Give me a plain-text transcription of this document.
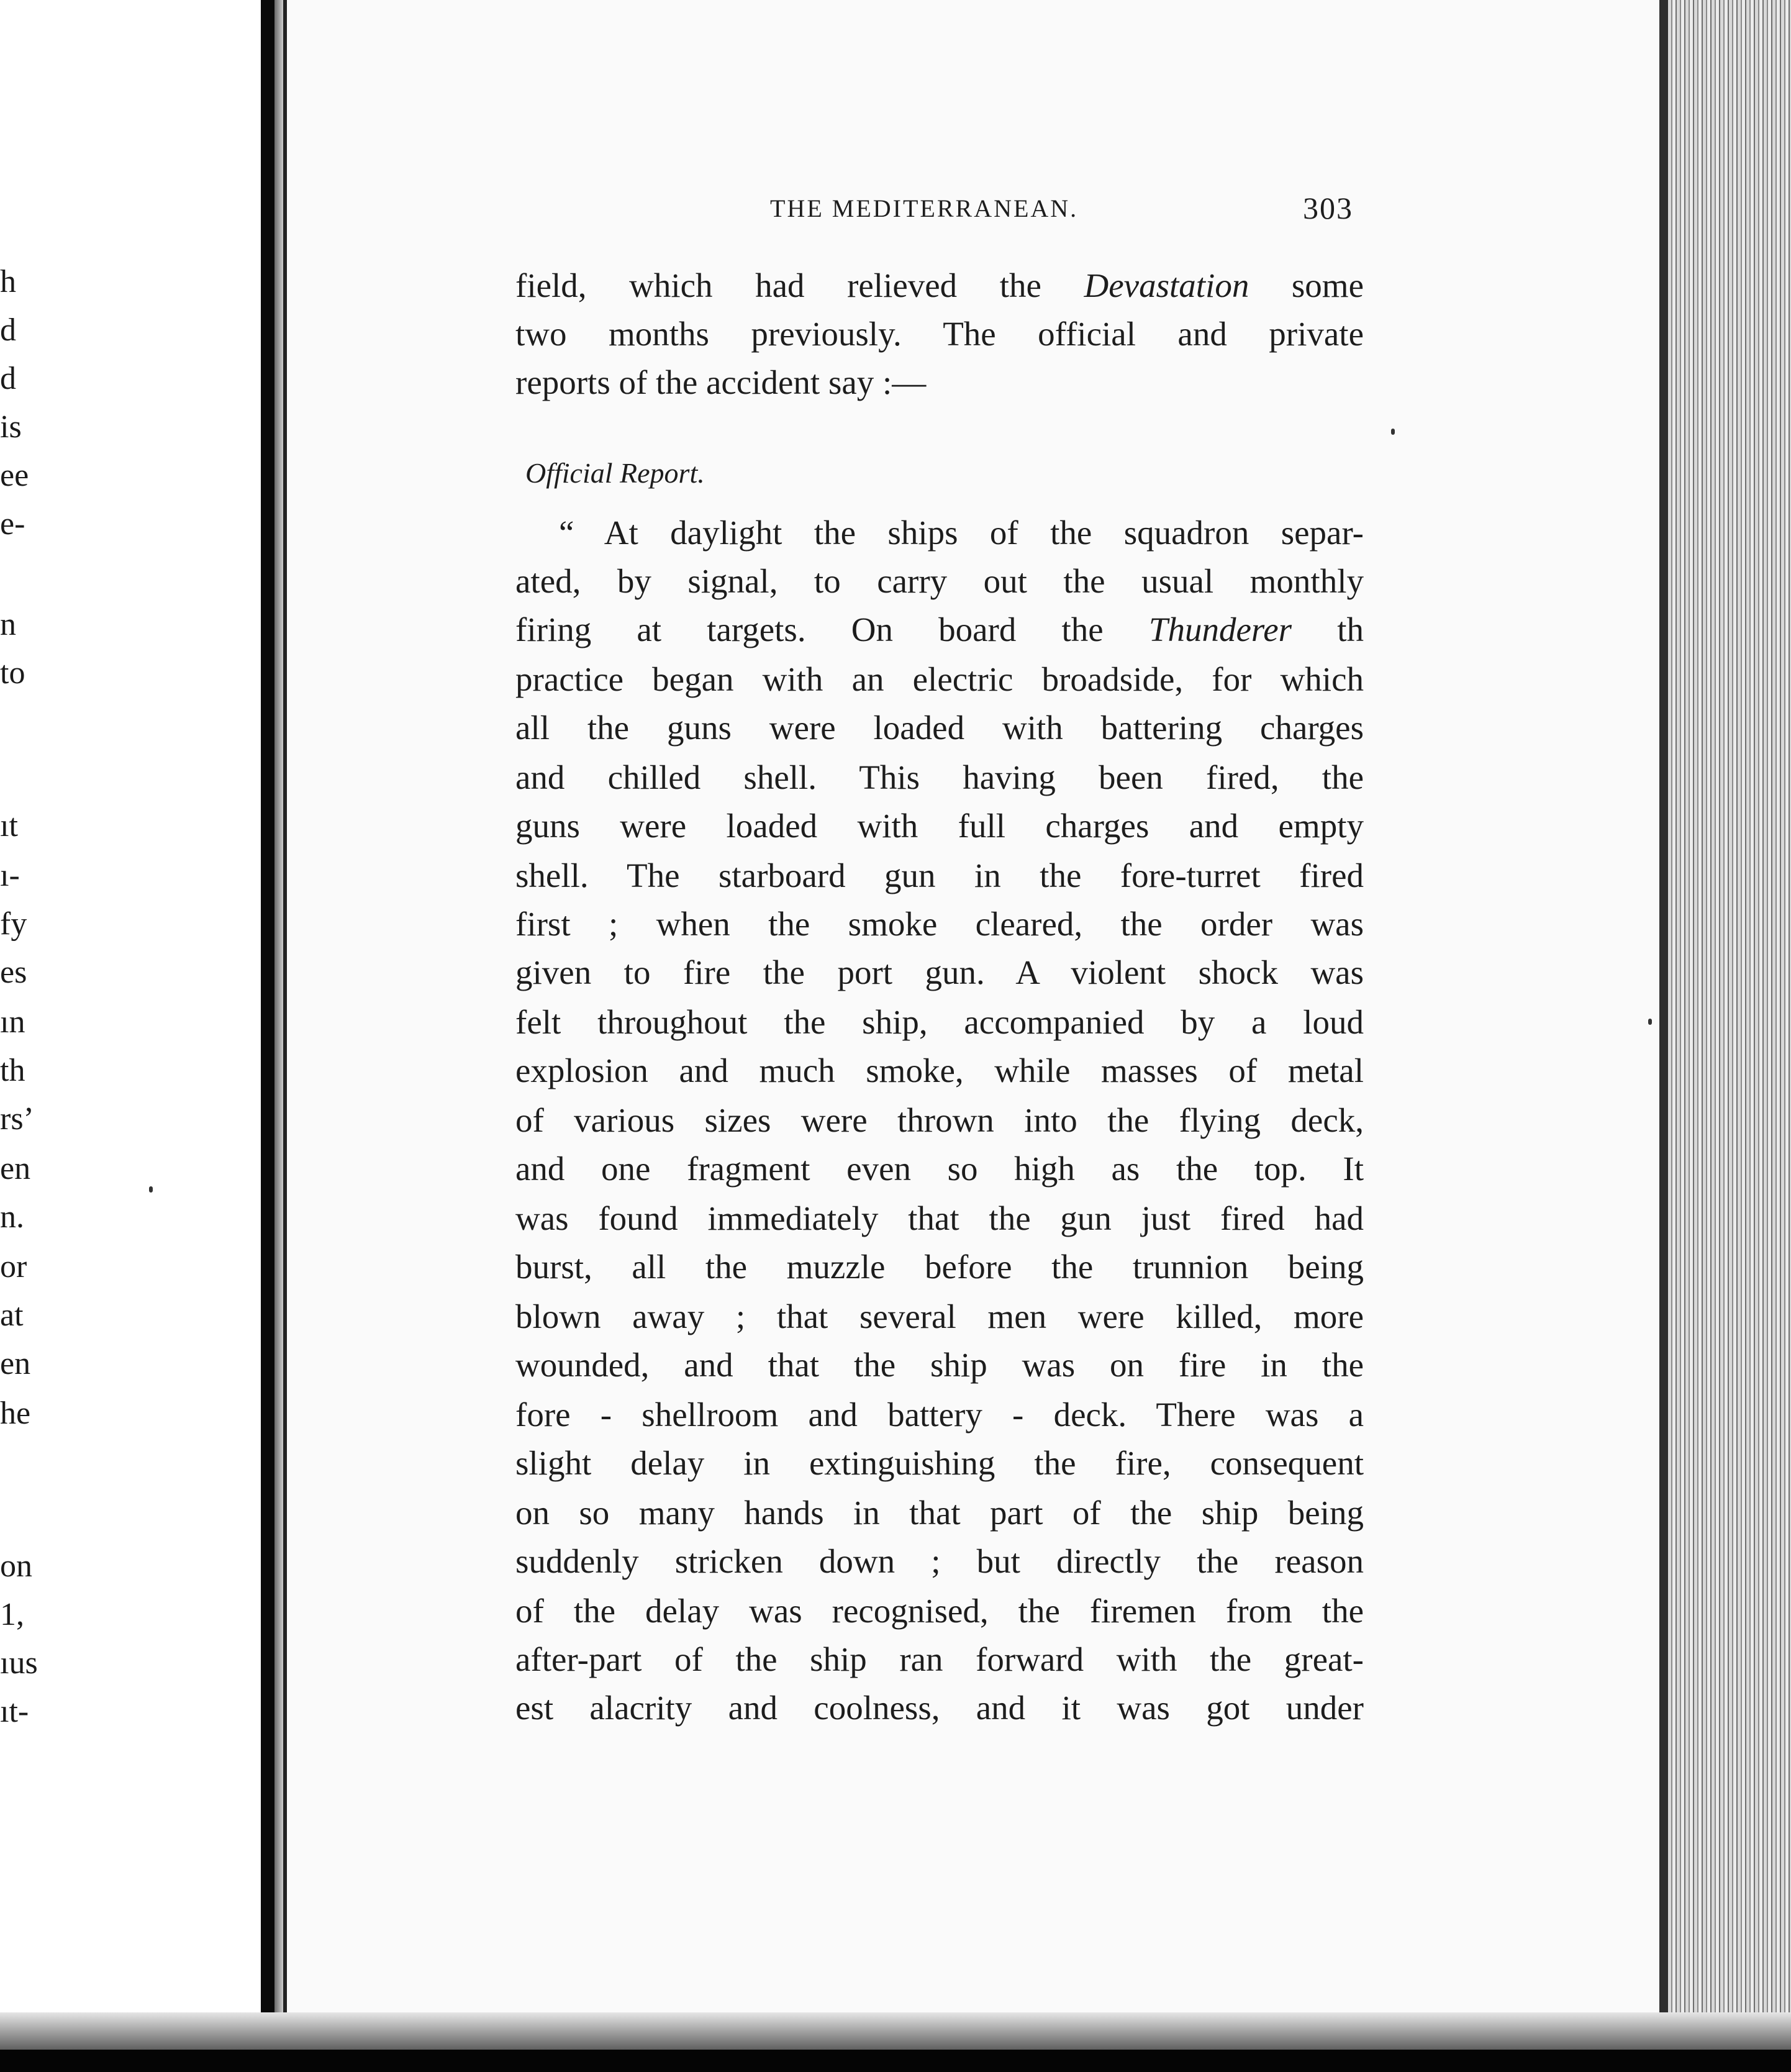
h
d
d
is
ee
e-
n
to
ıt
ı-
fy
es
ın
th
rs’
en
n.
or
at
en
he
on
1,
ıus
ıt-
THE MEDITERRANEAN.	303
field, which had relieved the Devastation some
two months previously. The official and private
reports of the accident say :—
Official Report.
“ At daylight the ships of the squadron separ-
ated, by signal, to carry out the usual monthly
firing at targets. On board the Thunderer th
practice began with an electric broadside, for which
all the guns were loaded with battering charges
and chilled shell. This having been fired, the
guns were loaded with full charges and empty
shell. The starboard gun in the fore-turret fired
first ; when the smoke cleared, the order was
given to fire the port gun. A violent shock was
felt throughout the ship, accompanied by a loud
explosion and much smoke, while masses of metal
of various sizes were thrown into the flying deck,
and one fragment even so high as the top. It
was found immediately that the gun just fired had
burst, all the muzzle before the trunnion being
blown away ; that several men were killed, more
wounded, and that the ship was on fire in the
fore - shellroom and battery - deck. There was a
slight delay in extinguishing the fire, consequent
on so many hands in that part of the ship being
suddenly stricken down ; but directly the reason
of the delay was recognised, the firemen from the
after-part of the ship ran forward with the great-
est alacrity and coolness, and it was got under
